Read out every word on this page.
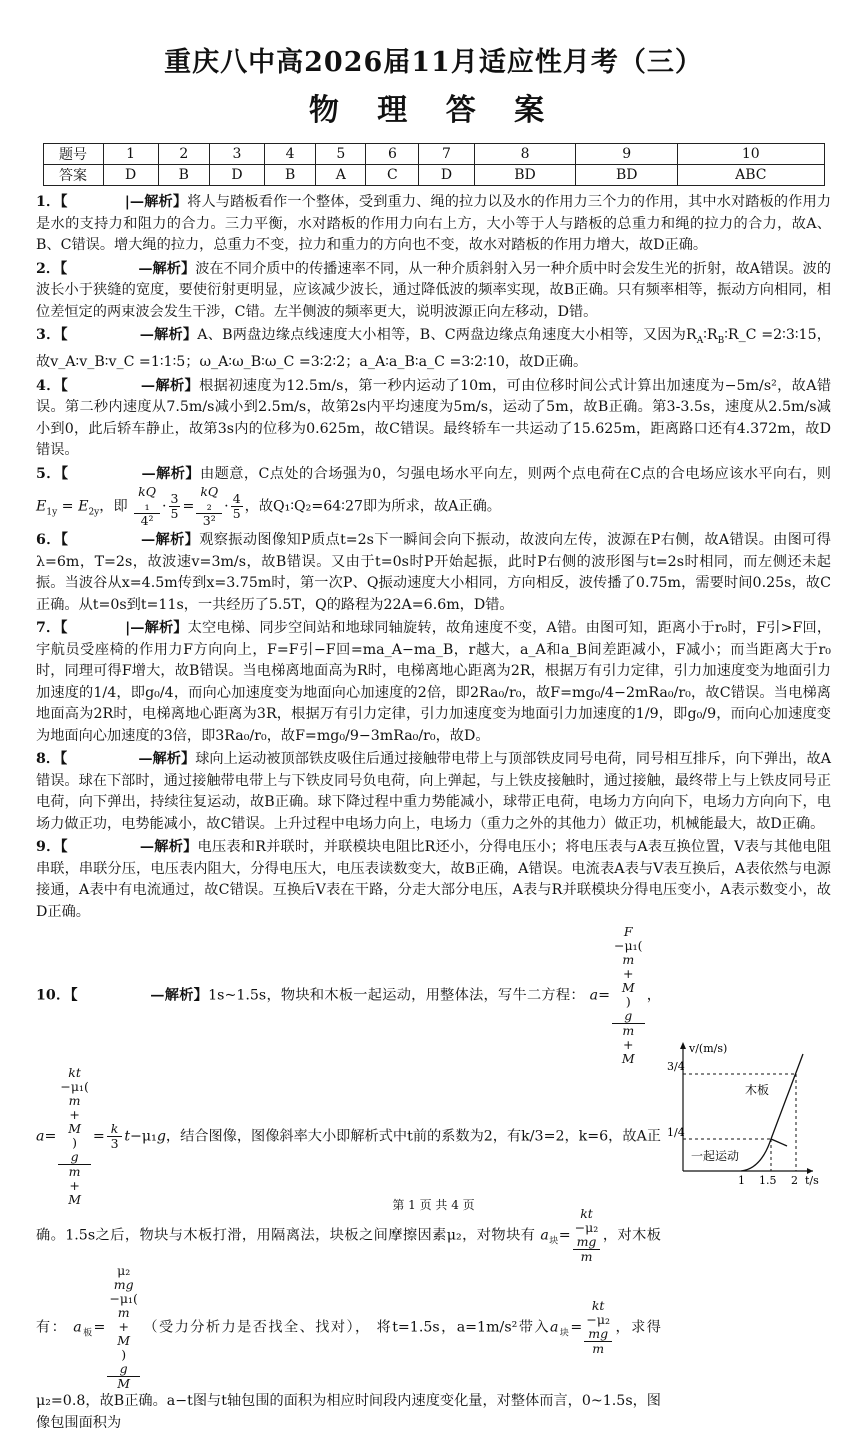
重庆八中高2026届11月适应性月考（三）
物 理 答 案
题号	1	2	3	4	5	6	7	8	9	10
答案	D	B	D	B	A	C	D	BD	BD	ABC
1．【　　　　|—解析】将人与踏板看作一个整体，受到重力、绳的拉力以及水的作用力三个力的作用，其中水对踏板的作用力是水的支持力和阻力的合力。三力平衡，水对踏板的作用力向右上方，大小等于人与踏板的总重力和绳的拉力的合力，故A、B、C错误。增大绳的拉力，总重力不变，拉力和重力的方向也不变，故水对踏板的作用力增大，故D正确。
2．【　　　　　—解析】波在不同介质中的传播速率不同，从一种介质斜射入另一种介质中时会发生光的折射，故A错误。波的波长小于狭缝的宽度，要使衍射更明显，应该减少波长，通过降低波的频率实现，故B正确。只有频率相等，振动方向相同，相位差恒定的两束波会发生干涉，C错。左半侧波的频率更大，说明波源正向左移动，D错。
3．【　　　　　—解析】A、B两盘边缘点线速度大小相等，B、C两盘边缘点角速度大小相等，又因为$R_A∶R_B∶R\_C$ =2∶3∶15，故v_A∶v_B∶v_C =1∶1∶5；ω_A∶ω_B∶ω_C =3∶2∶2；a_A∶a_B∶a_C =3∶2∶10，故D正确。
4．【　　　　　—解析】根据初速度为12.5m/s，第一秒内运动了10m，可由位移时间公式计算出加速度为−5m/s²，故A错误。第二秒内速度从7.5m/s减小到2.5m/s，故第2s内平均速度为5m/s，运动了5m，故B正确。第3-3.5s，速度从2.5m/s减小到0，此后轿车静止，故第3s内的位移为0.625m，故C错误。最终轿车一共运动了15.625m，距离路口还有4.372m，故D错误。
5．【　　　　　—解析】由题意，C点处的合场强为0，匀强电场水平向左，则两个点电荷在C点的合电场应该水平向右，则 $E_{1y} = E_{2y}$，即 kQ
₁
$4^2 \cdot \frac{3}{5}$ = kQ
₂
$3^2 \cdot \frac{4}{5}$ ，故Q₁∶Q₂=64∶27即为所求，故A正确。
6．【　　　　　—解析】观察振动图像知P质点t=2s下一瞬间会向下振动，故波向左传，波源在P右侧，故A错误。由图可得λ=6m，T=2s，故波速v=3m/s，故B错误。又由于t=0s时P开始起振，此时P右侧的波形图与t=2s时相同，而左侧还未起振。当波谷从x=4.5m传到x=3.75m时，第一次P、Q振动速度大小相同，方向相反，波传播了0.75m，需要时间0.25s，故C正确。从t=0s到t=11s，一共经历了5.5T，Q的路程为22A=6.6m，D错。
7．【　　　　|—解析】太空电梯、同步空间站和地球同轴旋转，故角速度不变，A错。由图可知，距离小于r₀时，F引>F回，宇航员受座椅的作用力F方向向上，F=F引−F回=ma_A−ma_B，r越大，a_A和a_B间差距减小，F减小；而当距离大于r₀时，同理可得F增大，故B错误。当电梯离地面高为R时，电梯离地心距离为2R，根据万有引力定律，引力加速度变为地面引力加速度的1/4，即g₀/4，而向心加速度变为地面向心加速度的2倍，即2Ra₀/r₀，故F=mg₀/4−2mRa₀/r₀，故C错误。当电梯离地面高为2R时，电梯离地心距离为3R，根据万有引力定律，引力加速度变为地面引力加速度的1/9，即g₀/9，而向心加速度变为地面向心加速度的3倍，即3Ra₀/r₀，故F=mg₀/9−3mRa₀/r₀，故D。
8．【　　　　　—解析】球向上运动被顶部铁皮吸住后通过接触带电带上与顶部铁皮同号电荷，同号相互排斥，向下弹出，故A错误。球在下部时，通过接触带电带上与下铁皮同号负电荷，向上弹起，与上铁皮接触时，通过接触，最终带上与上铁皮同号正电荷，向下弹出，持续往复运动，故B正确。球下降过程中重力势能减小，球带正电荷，电场力方向向下，电场力方向向下，电场力做正功，电势能减小，故C错误。上升过程中电场力向上，电场力（重力之外的其他力）做正功，机械能最大，故D正确。
9．【　　　　　—解析】电压表和R并联时，并联模块电阻比R还小，分得电压小；将电压表与A表互换位置，V表与其他电阻串联，串联分压，电压表内阻大，分得电压大，电压表读数变大，故B正确，A错误。电流表A表与V表互换后，A表依然与电源接通，A表中有电流通过，故C错误。互换后V表在干路，分走大部分电压，A表与R并联模块分得电压变小，A表示数变小，故D正确。
10．【　　　　　—解析】1s~1.5s，物块和木板一起运动，用整体法，写牛二方程： a= F
−μ₁(
m
+
M
)
g
m
+
M ， a= kt
−μ₁(
m
+
M
)
g
m
+
$M = \frac{k}{3} t-\mu_1g$，结合图像，图像斜率大小即解析式中t前的系数为2，有k/3=2，k=6，故A正确。1.5s之后，物块与木板打滑，用隔离法，块板之间摩擦因素μ₂，对物块有 $a_块=$ kt
−μ₂
mg
m ，对木板有： $a_板= \mu_2$
mg
−μ₁(
m
+
M
)
g
M （受力分析力是否找全、找对）， 将t=1.5s，a=1m/s²带入$a_块=$ kt
−μ₂
mg
m ，求得μ₂=0.8，故B正确。a−t图与t轴包围的面积为相应时间段内速度变化量，对整体而言，0~1.5s，图像包围面积为
v/(m/s)
t/s
3/4
1/4
1 1.5 2
木板
一起运动
第 1 页 共 4 页
